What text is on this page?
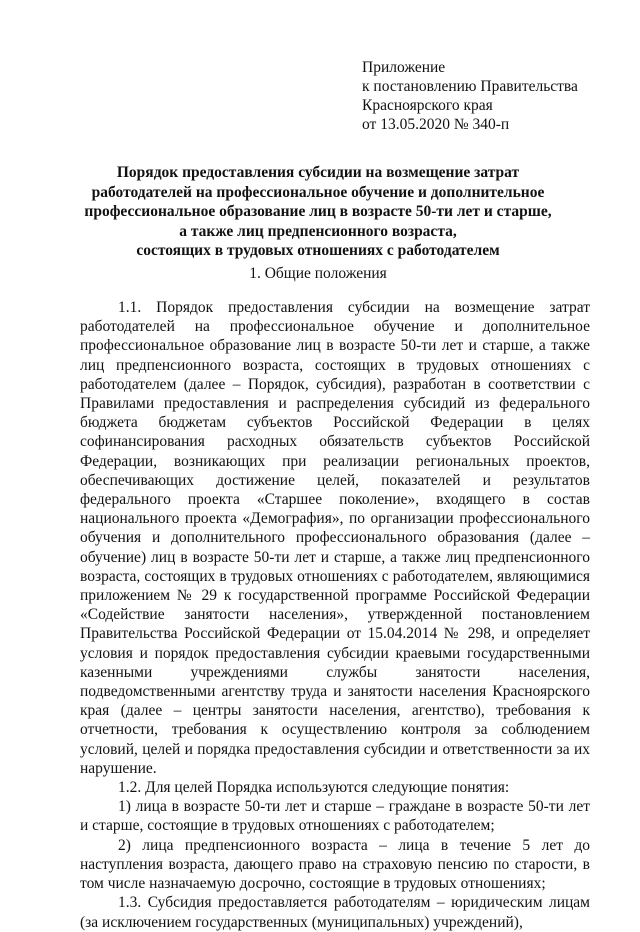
Приложение
к постановлению Правительства
Красноярского края
от 13.05.2020 № 340-п
Порядок предоставления субсидии на возмещение затрат
работодателей на профессиональное обучение и дополнительное
профессиональное образование лиц в возрасте 50-ти лет и старше,
а также лиц предпенсионного возраста,
состоящих в трудовых отношениях с работодателем
1. Общие положения

1.1. Порядок предоставления субсидии на возмещение затрат работодателей на профессиональное обучение и дополнительное профессиональное образование лиц в возрасте 50-ти лет и старше, а также лиц предпенсионного возраста, состоящих в трудовых отношениях с работодателем (далее – Порядок, субсидия), разработан в соответствии с Правилами предоставления и распределения субсидий из федерального бюджета бюджетам субъектов Российской Федерации в целях софинансирования расходных обязательств субъектов Российской Федерации, возникающих при реализации региональных проектов, обеспечивающих достижение целей, показателей и результатов федерального проекта «Старшее поколение», входящего в состав национального проекта «Демография», по организации профессионального обучения и дополнительного профессионального образования (далее – обучение) лиц в возрасте 50-ти лет и старше, а также лиц предпенсионного возраста, состоящих в трудовых отношениях с работодателем, являющимися приложением № 29 к государственной программе Российской Федерации «Содействие занятости населения», утвержденной постановлением Правительства Российской Федерации от 15.04.2014 № 298, и определяет условия и порядок предоставления субсидии краевыми государственными казенными учреждениями службы занятости населения, подведомственными агентству труда и занятости населения Красноярского края (далее – центры занятости населения, агентство), требования к отчетности, требования к осуществлению контроля за соблюдением условий, целей и порядка предоставления субсидии и ответственности за их нарушение.

1.2. Для целей Порядка используются следующие понятия:

1) лица в возрасте 50-ти лет и старше – граждане в возрасте 50-ти лет и старше, состоящие в трудовых отношениях с работодателем;

2) лица предпенсионного возраста – лица в течение 5 лет до наступления возраста, дающего право на страховую пенсию по старости, в том числе назначаемую досрочно, состоящие в трудовых отношениях;

1.3. Субсидия предоставляется работодателям – юридическим лицам (за исключением государственных (муниципальных) учреждений),
